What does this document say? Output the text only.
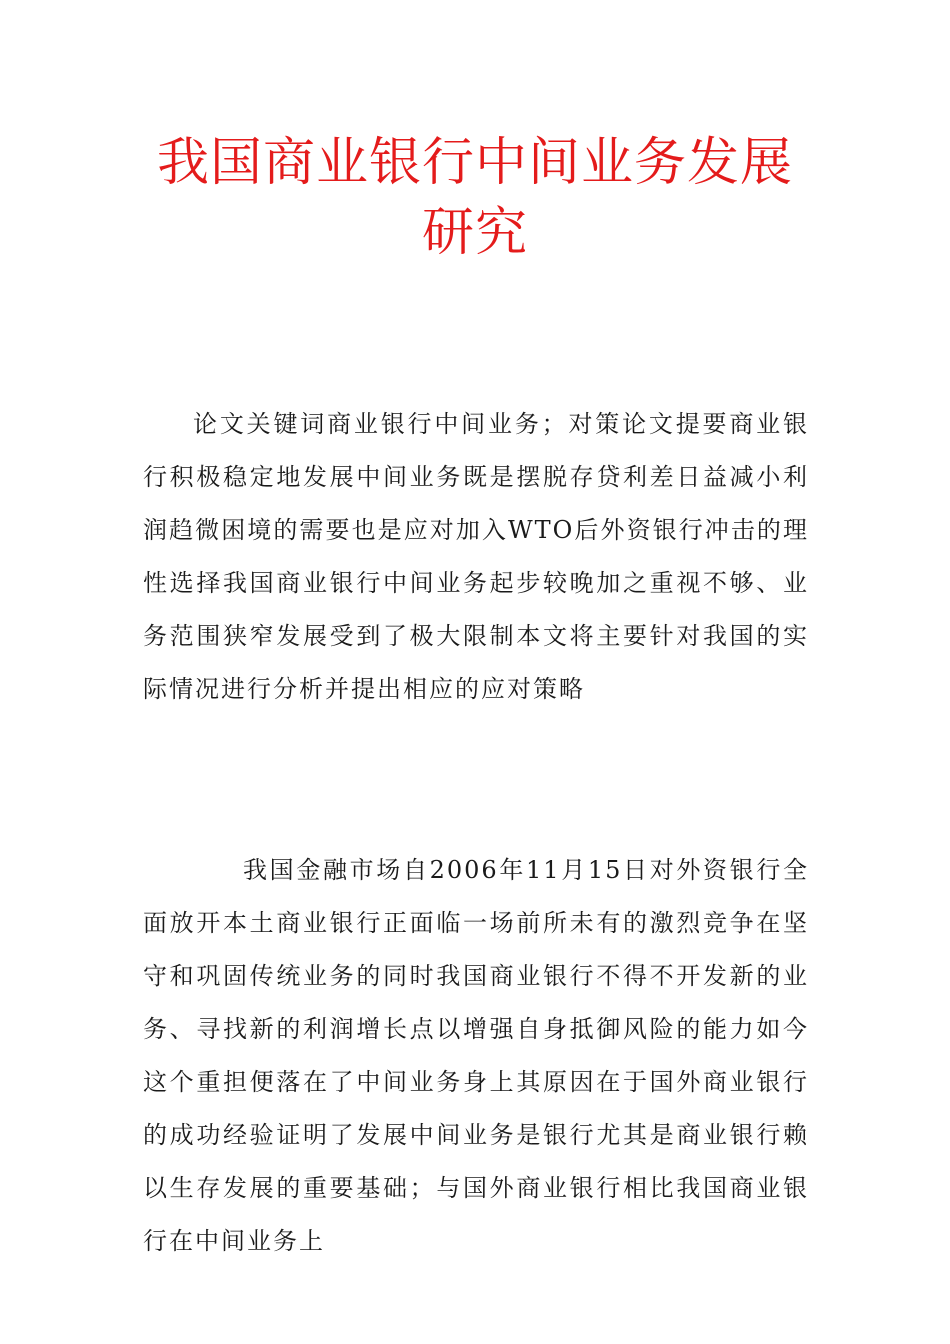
我国商业银行中间业务发展研究

论文关键词商业银行中间业务；对策论文提要商业银行积极稳定地发展中间业务既是摆脱存贷利差日益减小利润趋微困境的需要也是应对加入WTO后外资银行冲击的理性选择我国商业银行中间业务起步较晚加之重视不够、业务范围狭窄发展受到了极大限制本文将主要针对我国的实际情况进行分析并提出相应的应对策略

我国金融市场自2006年11月15日对外资银行全面放开本土商业银行正面临一场前所未有的激烈竞争在坚守和巩固传统业务的同时我国商业银行不得不开发新的业务、寻找新的利润增长点以增强自身抵御风险的能力如今这个重担便落在了中间业务身上其原因在于国外商业银行的成功经验证明了发展中间业务是银行尤其是商业银行赖以生存发展的重要基础；与国外商业银行相比我国商业银行在中间业务上
